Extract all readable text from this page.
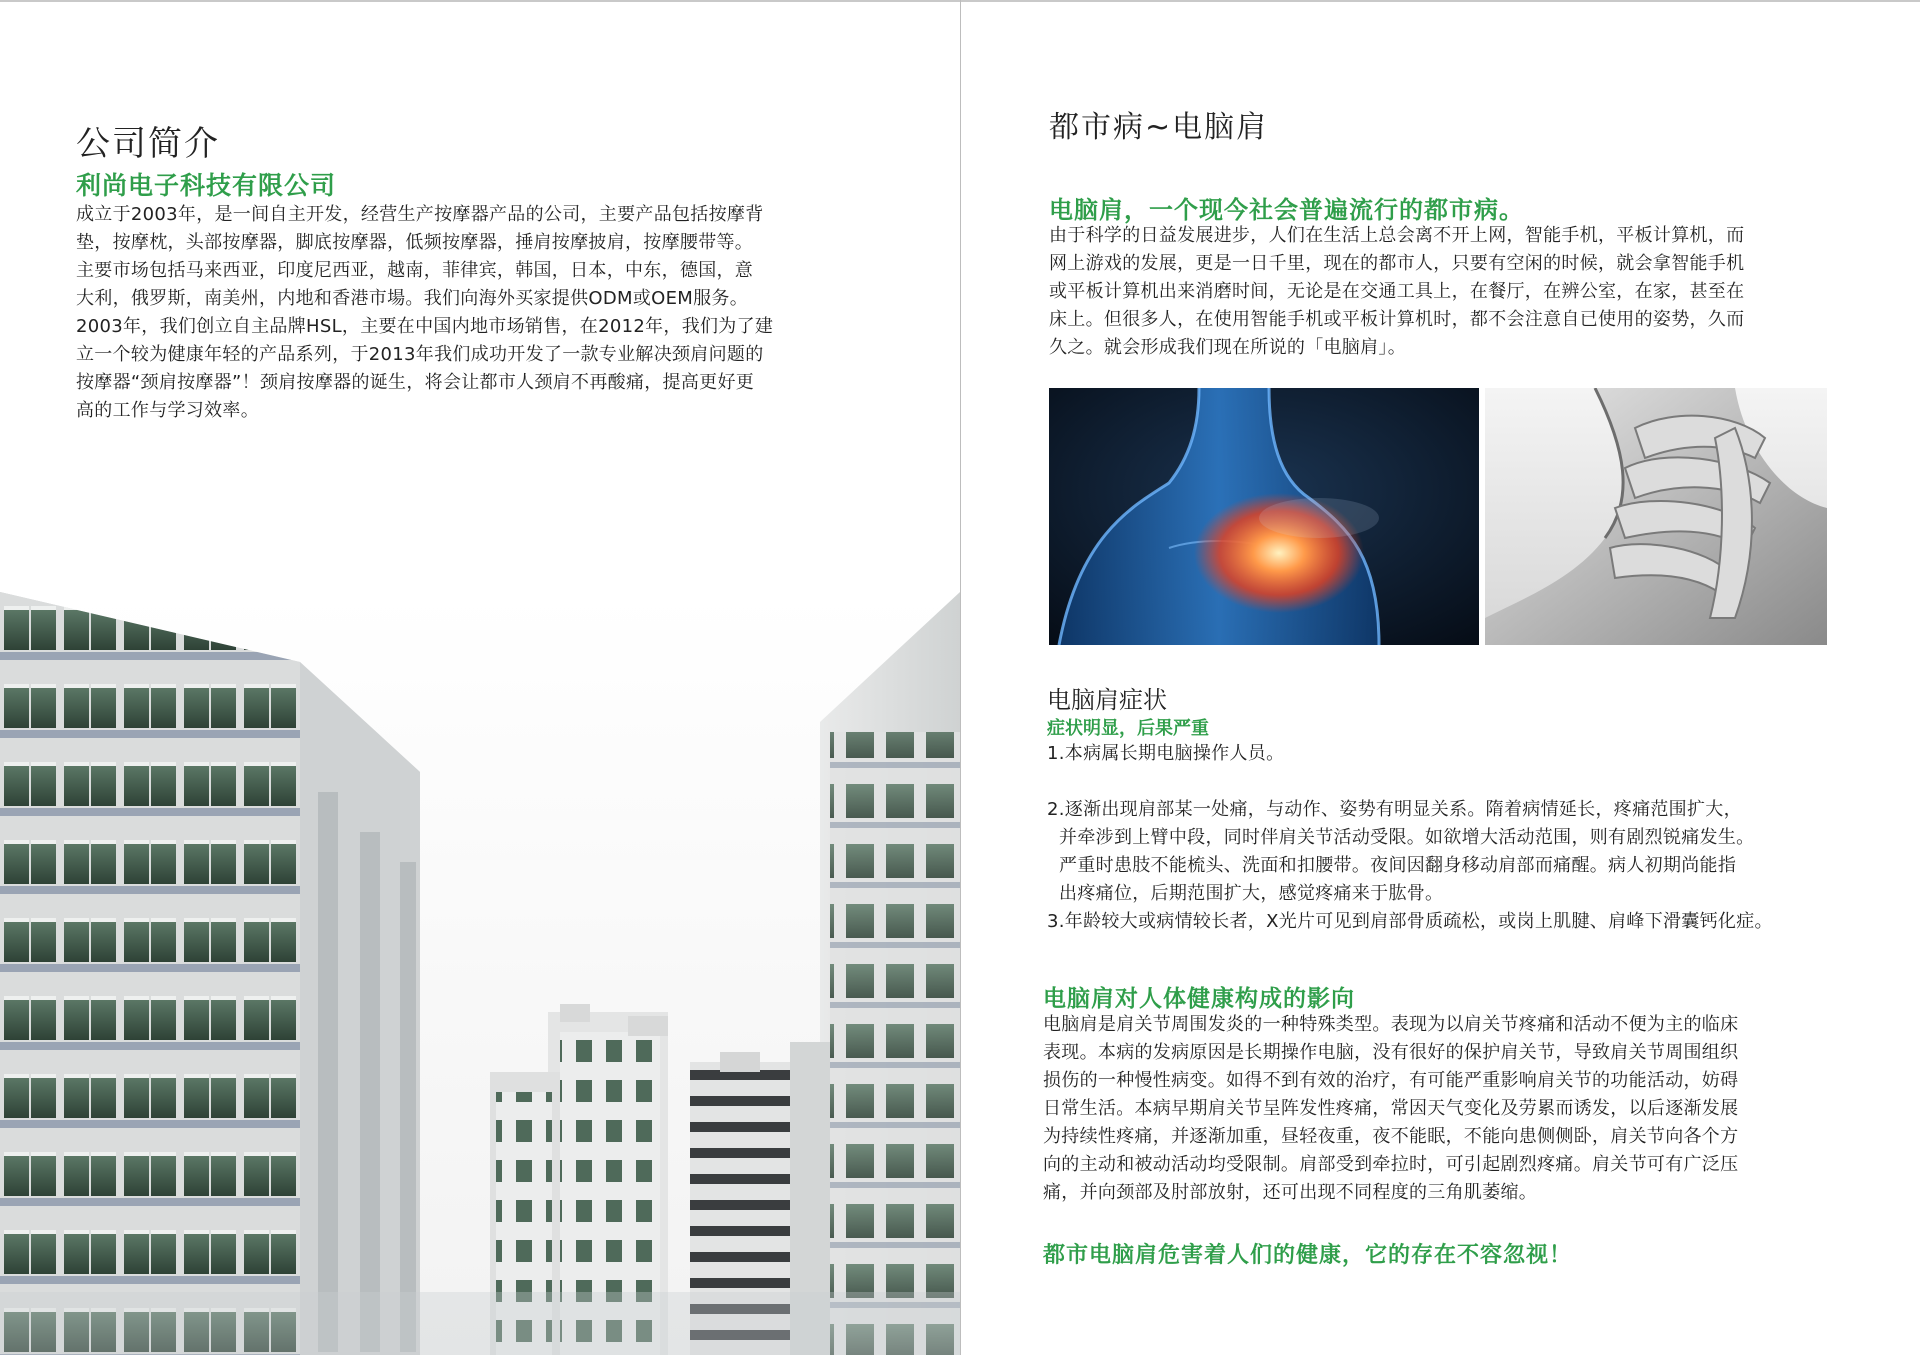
公司简介
利尚电子科技有限公司
成立于2003年，是一间自主开发，经营生产按摩器产品的公司，主要产品包括按摩背
垫，按摩枕，头部按摩器，脚底按摩器，低频按摩器，捶肩按摩披肩，按摩腰带等。
主要市场包括马来西亚，印度尼西亚，越南，菲律宾，韩国，日本，中东，德国，意
大利，俄罗斯，南美州，内地和香港市場。我们向海外买家提供ODM或OEM服务。
2003年，我们创立自主品牌HSL，主要在中国内地市场销售，在2012年，我们为了建
立一个较为健康年轻的产品系列，于2013年我们成功开发了一款专业解决颈肩问题的
按摩器“颈肩按摩器”！颈肩按摩器的诞生，将会让都市人颈肩不再酸痛，提高更好更
高的工作与学习效率。
都市病~电脑肩
电脑肩，一个现今社会普遍流行的都市病。
由于科学的日益发展进步，人们在生活上总会离不开上网，智能手机，平板计算机，而
网上游戏的发展，更是一日千里，现在的都市人，只要有空闲的时候，就会拿智能手机
或平板计算机出来消磨时间，无论是在交通工具上，在餐厅，在辨公室，在家，甚至在
床上。但很多人，在使用智能手机或平板计算机时，都不会注意自已使用的姿势，久而
久之。就会形成我们现在所说的「电脑肩」。
电脑肩症状

症状明显，后果严重

1.本病属长期电脑操作人员。
2.逐渐出现肩部某一处痛，与动作、姿势有明显关系。隋着病情延长，疼痛范围扩大，
并牵涉到上臂中段，同时伴肩关节活动受限。如欲增大活动范围，则有剧烈锐痛发生。
严重时患肢不能梳头、洗面和扣腰带。夜间因翻身移动肩部而痛醒。病人初期尚能指
出疼痛位，后期范围扩大，感觉疼痛来于肱骨。
3.年龄较大或病情较长者，X光片可见到肩部骨质疏松，或岗上肌腱、肩峰下滑囊钙化症。
电脑肩对人体健康构成的影向
电脑肩是肩关节周围发炎的一种特殊类型。表现为以肩关节疼痛和活动不便为主的临床
表现。本病的发病原因是长期操作电脑，没有很好的保护肩关节，导致肩关节周围组织
损伤的一种慢性病变。如得不到有效的治疗，有可能严重影响肩关节的功能活动，妨碍
日常生活。本病早期肩关节呈阵发性疼痛，常因天气变化及劳累而诱发，以后逐渐发展
为持续性疼痛，并逐渐加重，昼轻夜重，夜不能眠，不能向患侧侧卧，肩关节向各个方
向的主动和被动活动均受限制。肩部受到牵拉时，可引起剧烈疼痛。肩关节可有广泛压
痛，并向颈部及肘部放射，还可出现不同程度的三角肌萎缩。

都市电脑肩危害着人们的健康，它的存在不容忽视！
